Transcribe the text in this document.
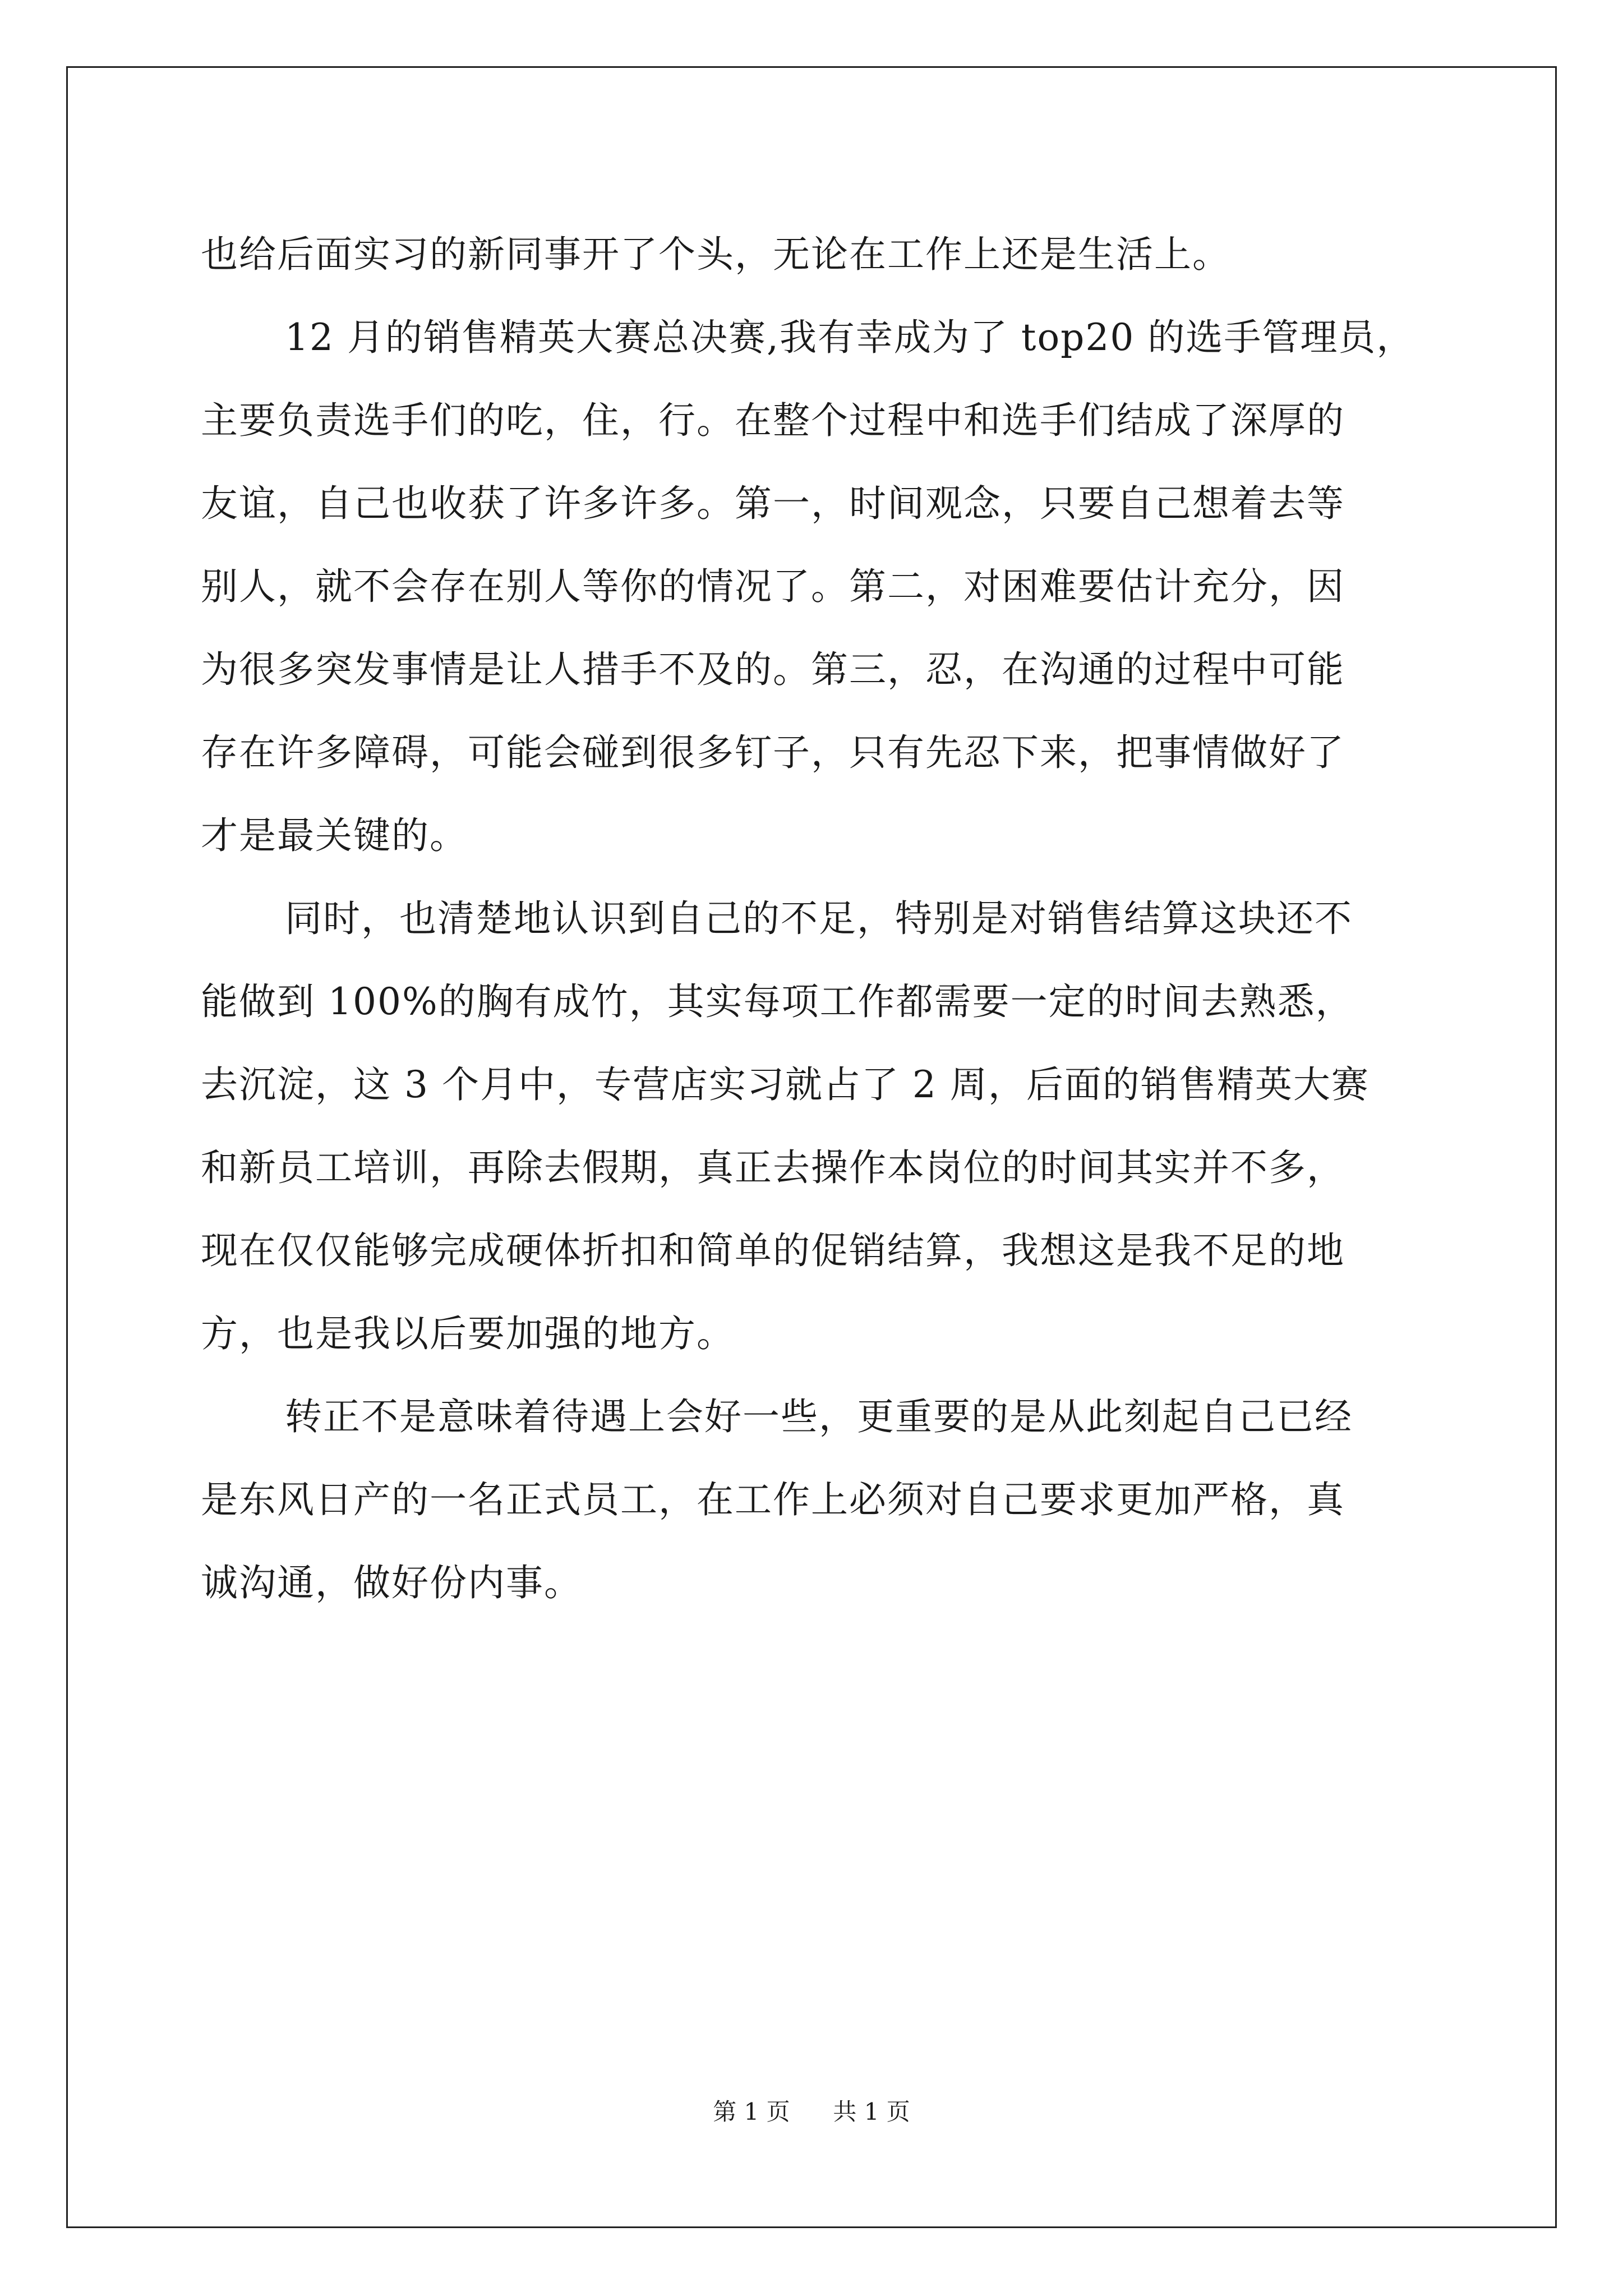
也给后面实习的新同事开了个头，无论在工作上还是生活上。
12 月的销售精英大赛总决赛,我有幸成为了 top20 的选手管理员，
主要负责选手们的吃，住，行。在整个过程中和选手们结成了深厚的
友谊，自己也收获了许多许多。第一，时间观念，只要自己想着去等
别人，就不会存在别人等你的情况了。第二，对困难要估计充分，因
为很多突发事情是让人措手不及的。第三，忍，在沟通的过程中可能
存在许多障碍，可能会碰到很多钉子，只有先忍下来，把事情做好了
才是最关键的。
同时，也清楚地认识到自己的不足，特别是对销售结算这块还不
能做到 100%的胸有成竹，其实每项工作都需要一定的时间去熟悉，
去沉淀，这 3 个月中，专营店实习就占了 2 周，后面的销售精英大赛
和新员工培训，再除去假期，真正去操作本岗位的时间其实并不多，
现在仅仅能够完成硬体折扣和简单的促销结算，我想这是我不足的地
方，也是我以后要加强的地方。
转正不是意味着待遇上会好一些，更重要的是从此刻起自己已经
是东风日产的一名正式员工，在工作上必须对自己要求更加严格，真
诚沟通，做好份内事。
第 1 页 共 1 页
